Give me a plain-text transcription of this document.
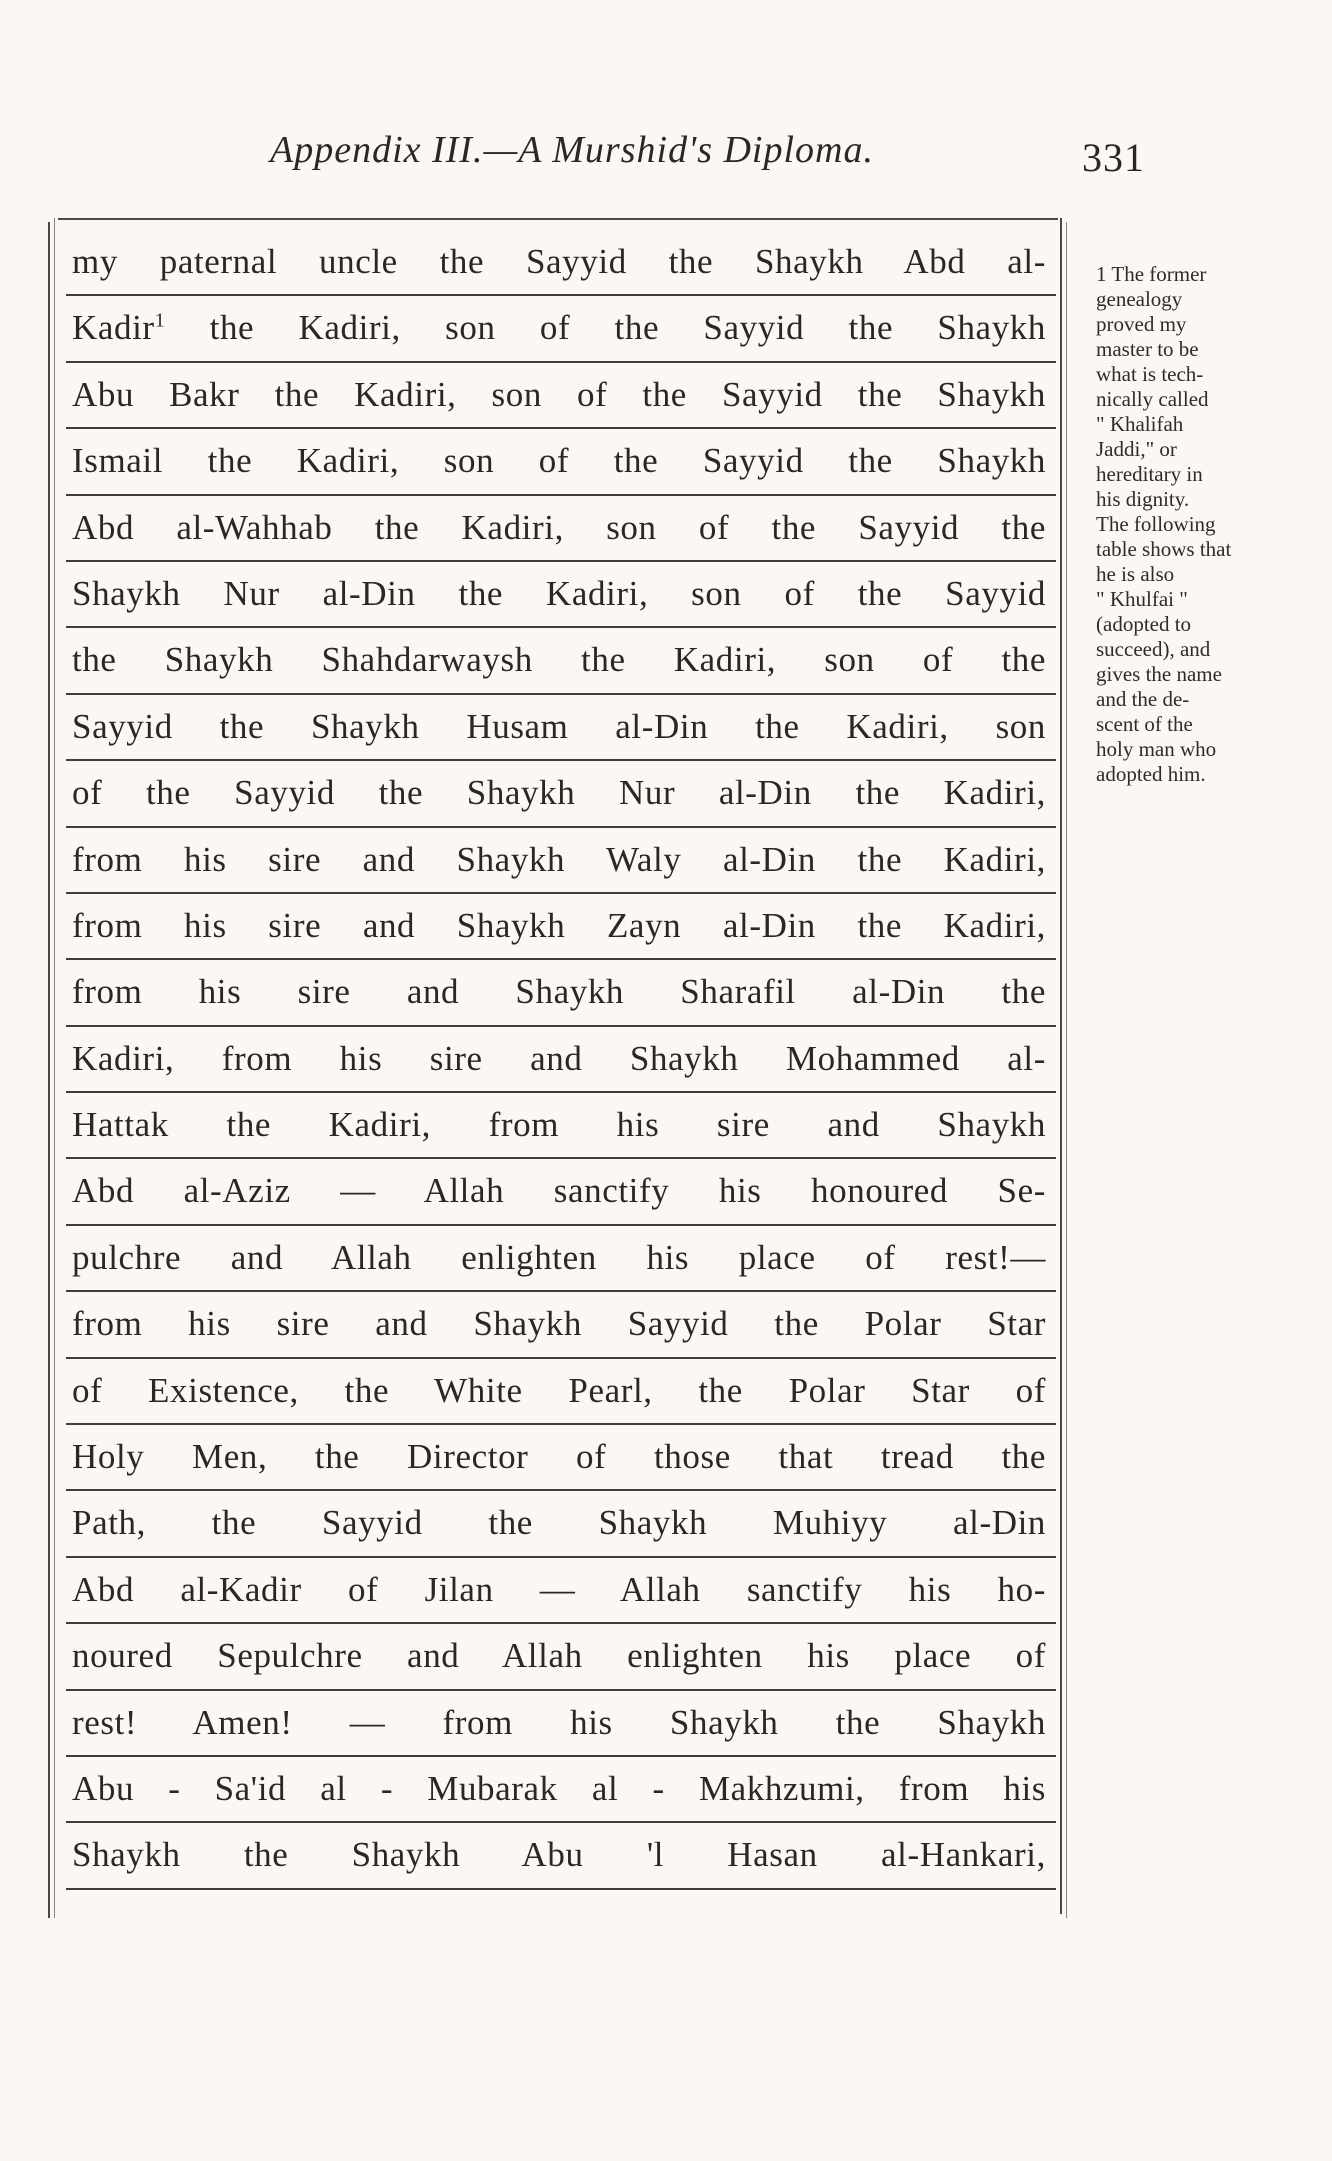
Appendix III.—A Murshid's Diploma.	331
my paternal uncle the Sayyid the Shaykh Abd al-
Kadir$^1$ the Kadiri, son of the Sayyid the Shaykh
Abu Bakr the Kadiri, son of the Sayyid the Shaykh
Ismail the Kadiri, son of the Sayyid the Shaykh
Abd al-Wahhab the Kadiri, son of the Sayyid the
Shaykh Nur al-Din the Kadiri, son of the Sayyid
the Shaykh Shahdarwaysh the Kadiri, son of the
Sayyid the Shaykh Husam al-Din the Kadiri, son
of the Sayyid the Shaykh Nur al-Din the Kadiri,
from his sire and Shaykh Waly al-Din the Kadiri,
from his sire and Shaykh Zayn al-Din the Kadiri,
from his sire and Shaykh Sharafil al-Din the
Kadiri, from his sire and Shaykh Mohammed al-
Hattak the Kadiri, from his sire and Shaykh
Abd al-Aziz — Allah sanctify his honoured Se-
pulchre and Allah enlighten his place of rest!—
from his sire and Shaykh Sayyid the Polar Star
of Existence, the White Pearl, the Polar Star of
Holy Men, the Director of those that tread the
Path, the Sayyid the Shaykh Muhiyy al-Din
Abd al-Kadir of Jilan — Allah sanctify his ho-
noured Sepulchre and Allah enlighten his place of
rest! Amen! — from his Shaykh the Shaykh
Abu - Sa'id al - Mubarak al - Makhzumi, from his
Shaykh the Shaykh Abu 'l Hasan al-Hankari,
1 The former
genealogy
proved my
master to be
what is tech-
nically called
" Khalifah
Jaddi," or
hereditary in
his dignity.
The following
table shows that
he is also
" Khulfai "
(adopted to
succeed), and
gives the name
and the de-
scent of the
holy man who
adopted him.
